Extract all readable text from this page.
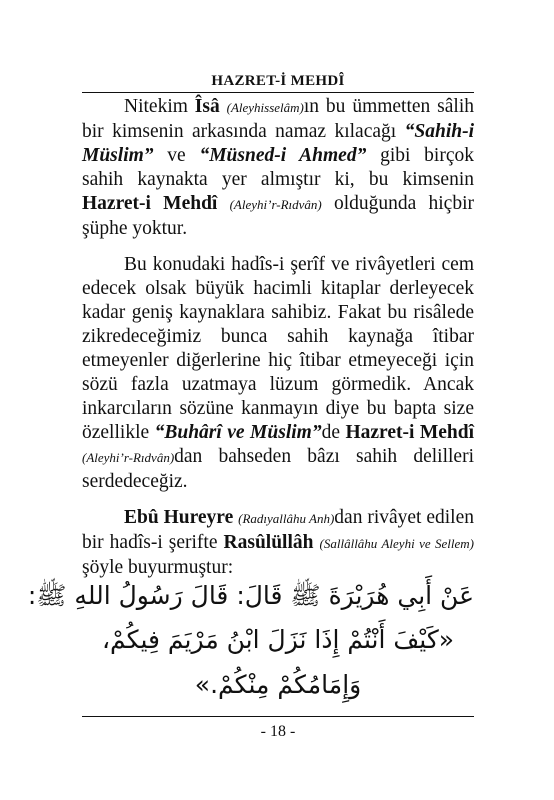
HAZRET-İ MEHDÎ

Nitekim Îsâ (Aleyhisselâm)ın bu ümmetten sâlih bir kimsenin arkasında namaz kılacağı “Sahih-i Müslim” ve “Müsned-i Ahmed” gibi birçok sahih kaynakta yer almıştır ki, bu kimsenin Hazret-i Mehdî (Aleyhi’r-Rıdvân) olduğunda hiçbir şüphe yoktur.

Bu konudaki hadîs-i şerîf ve rivâyetleri cem edecek olsak büyük hacimli kitaplar derleyecek kadar geniş kaynaklara sahibiz. Fakat bu risâlede zikredeceğimiz bunca sahih kaynağa îtibar etmeyenler diğerlerine hiç îtibar etmeyeceği için sözü fazla uzatmaya lüzum görmedik. Ancak inkarcıların sözüne kanmayın diye bu bapta size özellikle “Buhârî ve Müslim”de Hazret-i Mehdî (Aleyhi’r-Rıdvân)dan bahseden bâzı sahih delilleri serdedeceğiz.

Ebû Hureyre (Radıyallâhu Anh)dan rivâyet edilen bir hadîs-i şerifte Rasûlüllâh (Sallâllâhu Aleyhi ve Sellem) şöyle buyurmuştur:

عَنْ أَبِي هُرَيْرَةَ ﷺ قَالَ: قَالَ رَسُولُ اللهِ ﷺ:
«كَيْفَ أَنْتُمْ إِذَا نَزَلَ ابْنُ مَرْيَمَ فِيكُمْ،
وَإِمَامُكُمْ مِنْكُمْ.»
- 18 -
